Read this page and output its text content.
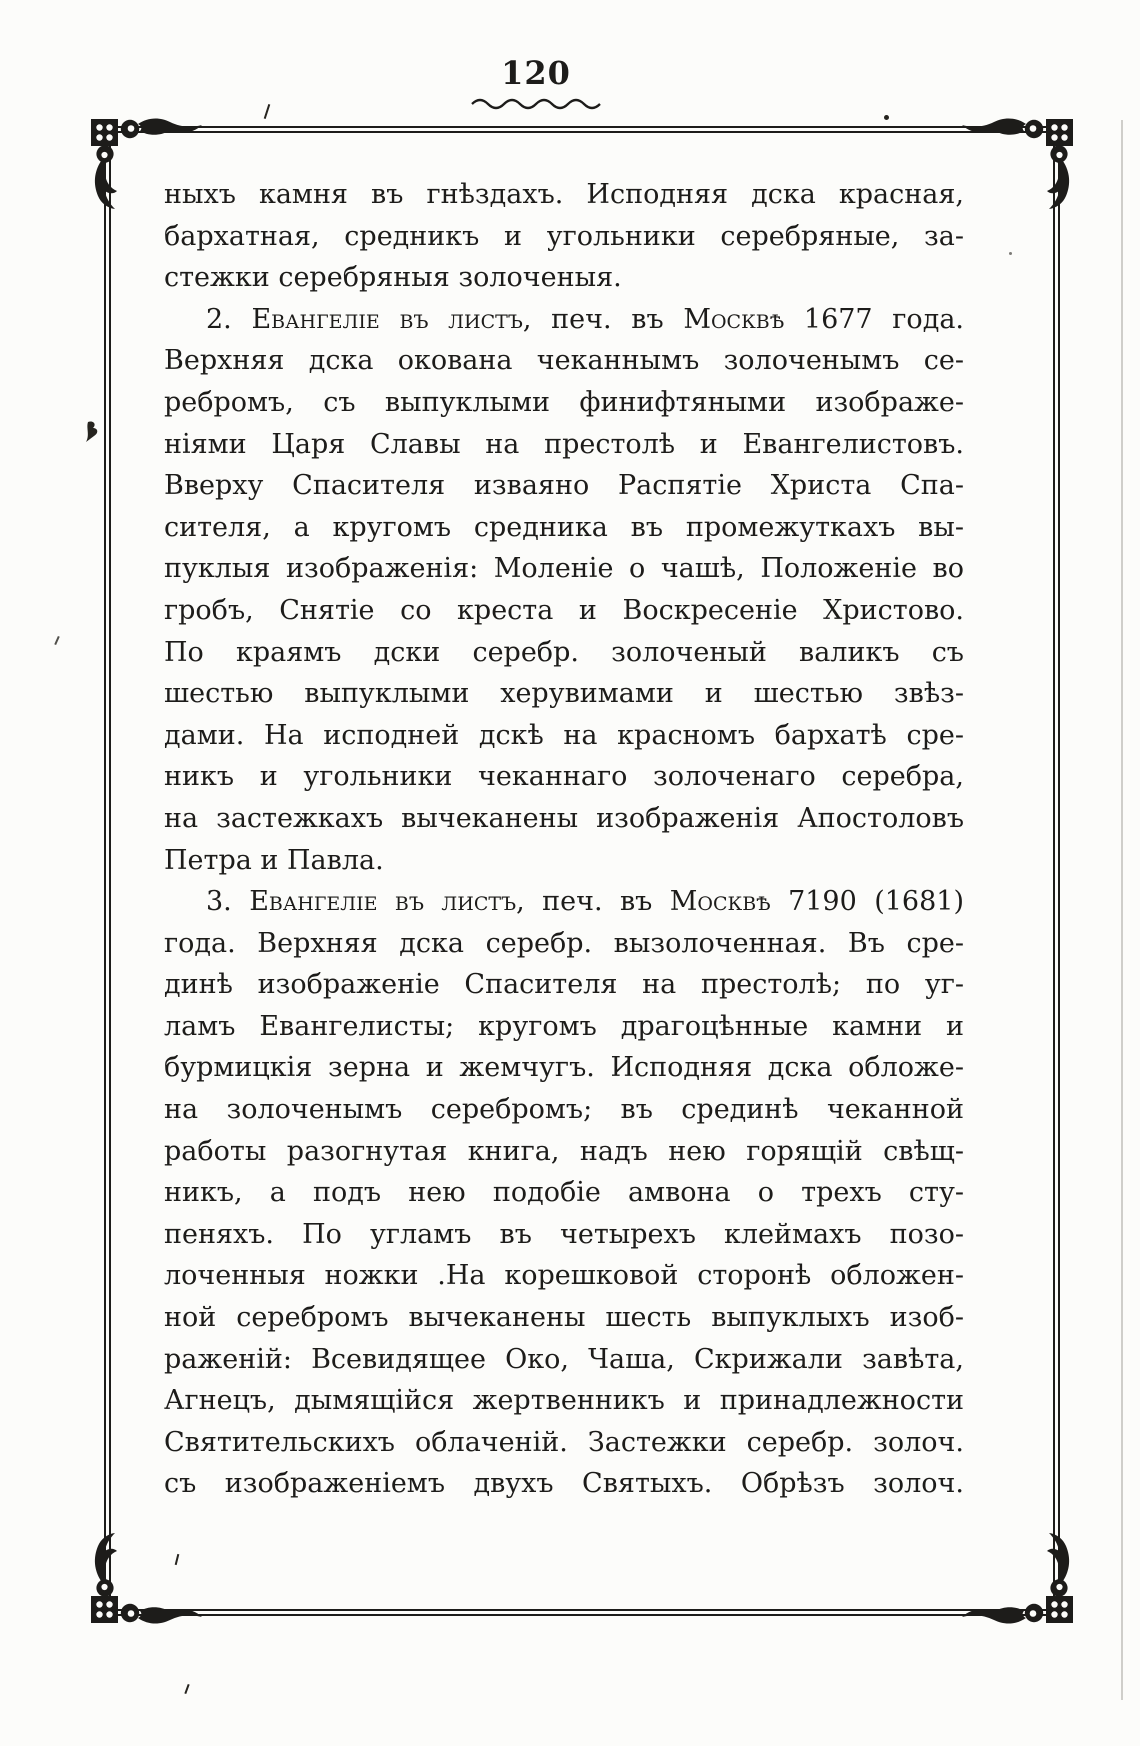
120
ныхъ камня въ гнѣздахъ. Исподняя дска красная,
бархатная, средникъ и угольники серебряные, за-
стежки серебряныя золоченыя.
2. Евангеліе въ листъ, печ. въ Москвѣ 1677 года.
Верхняя дска окована чеканнымъ золоченымъ се-
ребромъ, съ выпуклыми финифтяными изображе-
ніями Царя Славы на престолѣ и Евангелистовъ.
Вверху Спасителя изваяно Распятіе Христа Спа-
сителя, а кругомъ средника въ промежуткахъ вы-
пуклыя изображенія: Моленіе о чашѣ, Положеніе во
гробъ, Снятіе со креста и Воскресеніе Христово.
По краямъ дски серебр. золоченый валикъ съ
шестью выпуклыми херувимами и шестью звѣз-
дами. На исподней дскѣ на красномъ бархатѣ сре-
никъ и угольники чеканнаго золоченаго серебра,
на застежкахъ вычеканены изображенія Апостоловъ
Петра и Павла.
3. Евангеліе въ листъ, печ. въ Москвѣ 7190 (1681)
года. Верхняя дска серебр. вызолоченная. Въ сре-
динѣ изображеніе Спасителя на престолѣ; по уг-
ламъ Евангелисты; кругомъ драгоцѣнные камни и
бурмицкія зерна и жемчугъ. Исподняя дска обложе-
на золоченымъ серебромъ; въ срединѣ чеканной
работы разогнутая книга, надъ нею горящій свѣщ-
никъ, а подъ нею подобіе амвона о трехъ сту-
пеняхъ. По угламъ въ четырехъ клеймахъ позо-
лоченныя ножки .На корешковой сторонѣ обложен-
ной серебромъ вычеканены шесть выпуклыхъ изоб-
раженій: Всевидящее Око, Чаша, Скрижали завѣта,
Агнецъ, дымящійся жертвенникъ и принадлежности
Святительскихъ облаченій. Застежки серебр. золоч.
съ изображеніемъ двухъ Святыхъ. Обрѣзъ золоч.
